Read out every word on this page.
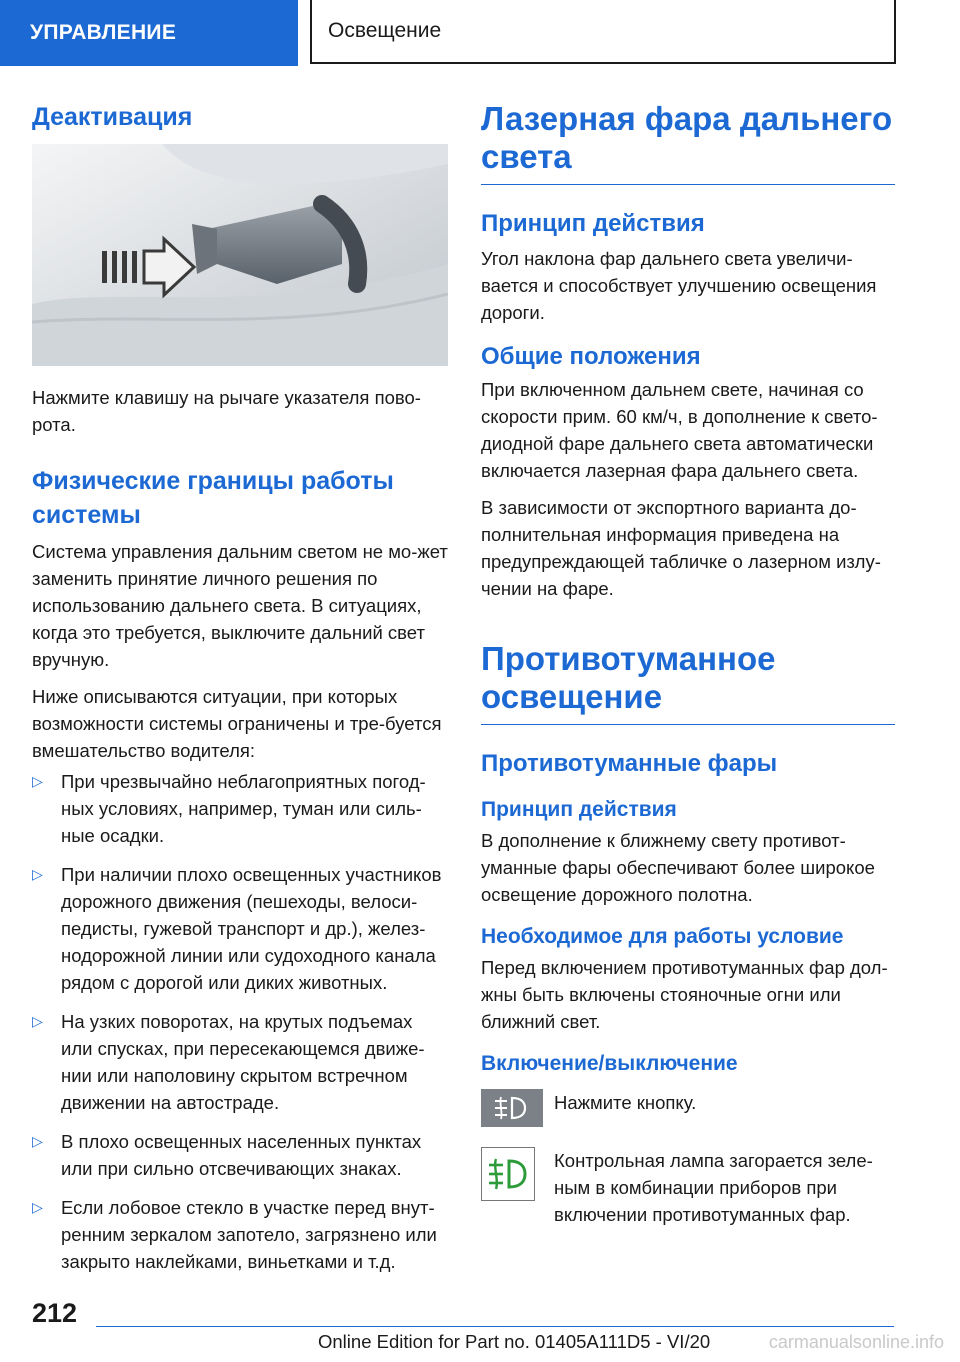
УПРАВЛЕНИЕ	Освещение
Деактивация

Нажмите клавишу на рычаге указателя пово-рота.

Физические границы работы системы

Система управления дальним светом не мо-жет заменить принятие личного решения по использованию дальнего света. В ситуациях, когда это требуется, выключите дальний свет вручную.

Ниже описываются ситуации, при которых возможности системы ограничены и тре-буется вмешательство водителя:

▷ При чрезвычайно неблагоприятных погод-ных условиях, например, туман или силь-ные осадки.
▷ При наличии плохо освещенных участников дорожного движения (пешеходы, велоси-педисты, гужевой транспорт и др.), желез-нодорожной линии или судоходного канала рядом с дорогой или диких животных.
▷ На узких поворотах, на крутых подъемах или спусках, при пересекающемся движе-нии или наполовину скрытом встречном движении на автостраде.
▷ В плохо освещенных населенных пунктах или при сильно отсвечивающих знаках.
▷ Если лобовое стекло в участке перед внут-ренним зеркалом запотело, загрязнено или закрыто наклейками, виньетками и т.д.
Лазерная фара дальнего света
Принцип действия

Угол наклона фар дальнего света увеличи-вается и способствует улучшению освещения дороги.

Общие положения

При включенном дальнем свете, начиная со скорости прим. 60 км/ч, в дополнение к свето-диодной фаре дальнего света автоматически включается лазерная фара дальнего света.

В зависимости от экспортного варианта до-полнительная информация приведена на предупреждающей табличке о лазерном излу-чении на фаре.

Противотуманное освещение
Противотуманные фары
Принцип действия

В дополнение к ближнему свету противот-уманные фары обеспечивают более широкое освещение дорожного полотна.

Необходимое для работы условие

Перед включением противотуманных фар дол-жны быть включены стояночные огни или ближний свет.

Включение/выключение

Нажмите кнопку.

Контрольная лампа загорается зеле-ным в комбинации приборов при включении противотуманных фар.

212
Online Edition for Part no. 01405A111D5 - VI/20	carmanualsonline.info
